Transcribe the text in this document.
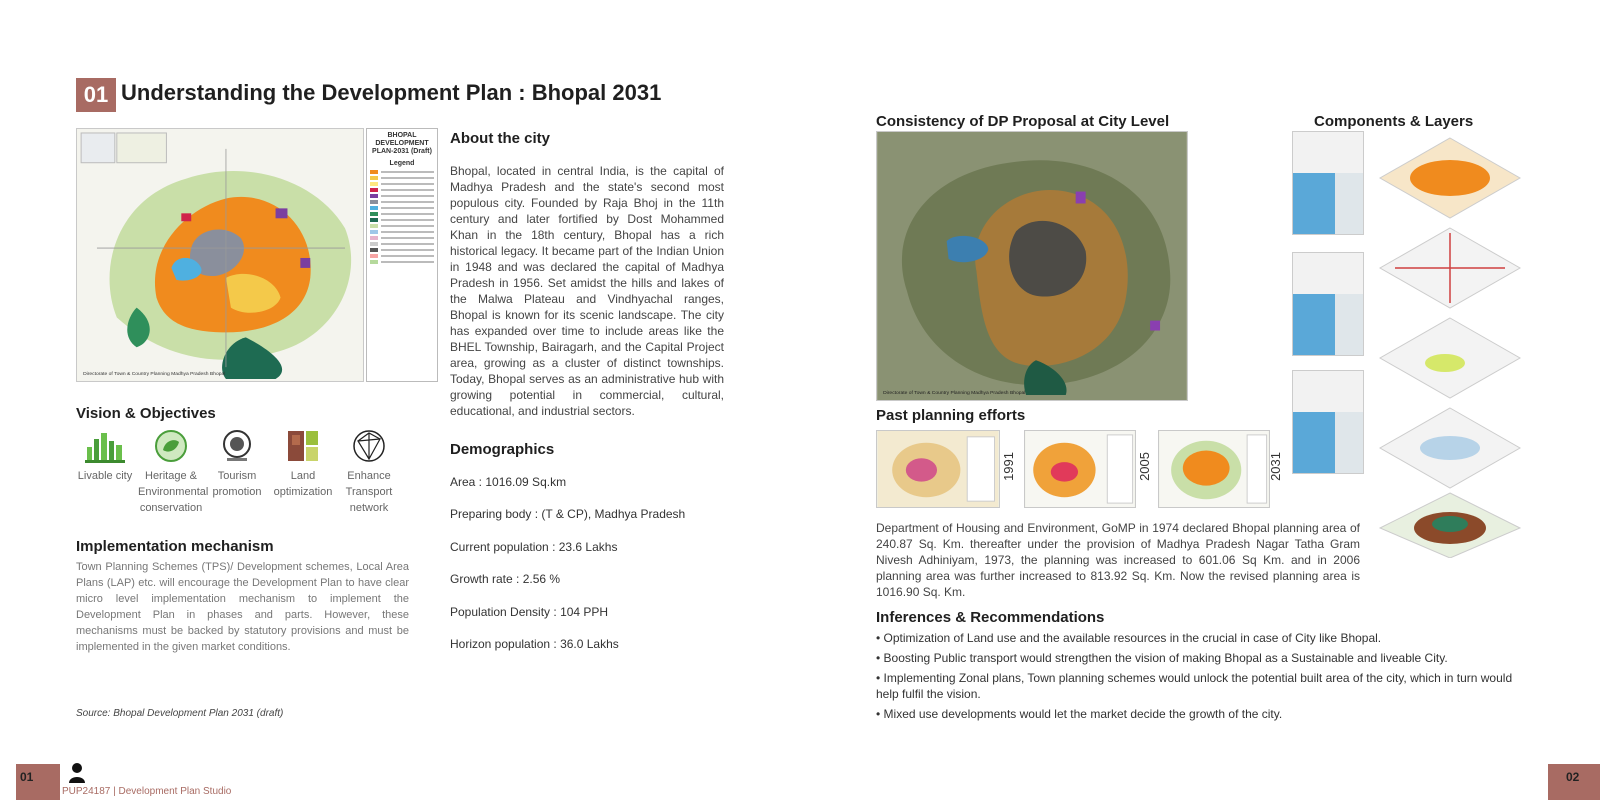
01 Understanding the Development Plan : Bhopal 2031
Directorate of Town & Country Planning Madhya Pradesh Bhopal
BHOPAL DEVELOPMENT PLAN-2031 (Draft)
Legend
About the city

Bhopal, located in central India, is the capital of Madhya Pradesh and the state's second most populous city. Founded by Raja Bhoj in the 11th century and later fortified by Dost Mohammed Khan in the 18th century, Bhopal has a rich historical legacy. It became part of the Indian Union in 1948 and was declared the capital of Madhya Pradesh in 1956. Set amidst the hills and lakes of the Malwa Plateau and Vindhyachal ranges, Bhopal is known for its scenic landscape. The city has expanded over time to include areas like the BHEL Township, Bairagarh, and the Capital Project area, growing as a cluster of distinct townships. Today, Bhopal serves as an administrative hub with growing potential in commercial, cultural, educational, and industrial sectors.

Vision & Objectives
Livable city	Heritage & Environmental conservation
Tourism promotion
Land optimization
Enhance Transport network
Implementation mechanism

Town Planning Schemes (TPS)/ Development schemes, Local Area Plans (LAP) etc. will encourage the Development Plan to have clear micro level implementation mechanism to implement the Development Plan in phases and parts. However, these mechanisms must be backed by statutory provisions and must be implemented in the given market conditions.

Demographics
Area : 1016.09 Sq.km
Preparing body : (T & CP), Madhya Pradesh
Current population : 23.6 Lakhs
Growth rate : 2.56 %
Population Density : 104 PPH
Horizon population : 36.0 Lakhs
Source: Bhopal Development Plan 2031 (draft)
Consistency of DP Proposal at City Level
Directorate of Town & Country Planning Madhya Pradesh Bhopal
Components & Layers
Past planning efforts
1991	2005	2031

Department of Housing and Environment, GoMP in 1974 declared Bhopal planning area of 240.87 Sq. Km. thereafter under the provision of Madhya Pradesh Nagar Tatha Gram Nivesh Adhiniyam, 1973, the planning was increased to 601.06 Sq Km. and in 2006 planning area was further increased to 813.92 Sq. Km. Now the revised planning area is 1016.90 Sq. Km.

Inferences & Recommendations
• Optimization of Land use and the available resources in the crucial in case of City like Bhopal.
• Boosting Public transport would strengthen the vision of making Bhopal as a Sustainable and liveable City.
• Implementing Zonal plans, Town planning schemes would unlock the potential built area of the city, which in turn would help fulfil the vision.
• Mixed use developments would let the market decide the growth of the city.
01
PUP24187 | Development Plan Studio
02
